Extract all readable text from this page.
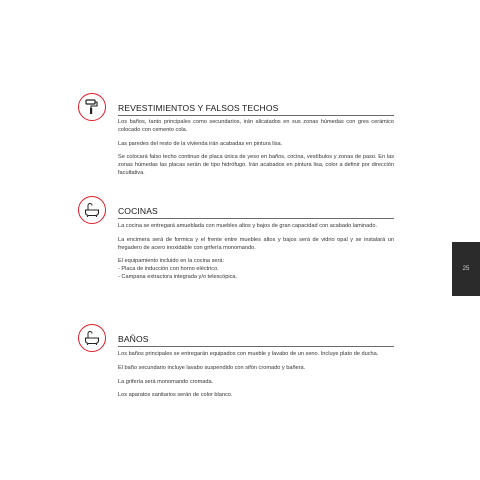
REVESTIMIENTOS Y FALSOS TECHOS

Los baños, tanto principales como secundarios, irán alicatados en sus zonas húmedas con gres cerámico colocado con cemento cola.

Las paredes del resto de la vivienda irán acabadas en pintura lisa.

Se colocará falso techo continuo de placa única de yeso en baños, cocina, vestíbulos y zonas de paso. En las zonas húmedas las placas serán de tipo hidrófugo. Irán acabados en pintura lisa, color a definir por dirección facultativa.

COCINAS

La cocina se entregará amueblada con muebles altos y bajos de gran capacidad con acabado laminado.

La encimera será de formica y el frente entre muebles altos y bajos será de vidrio opal y se instalará un fregadero de acero inoxidable con grifería monomando.

El equipamiento incluido en la cocina será:

- Placa de inducción con horno eléctrico.

- Campana extractora integrada y/o telescópica.

BAÑOS

Los baños principales se entregarán equipados con mueble y lavabo de un seno. Incluye plato de ducha.

El baño secundario incluye lavabo suspendido con sifón cromado y bañera.

La grifería será monomando cromada.

Los aparatos sanitarios serán de color blanco.

25
